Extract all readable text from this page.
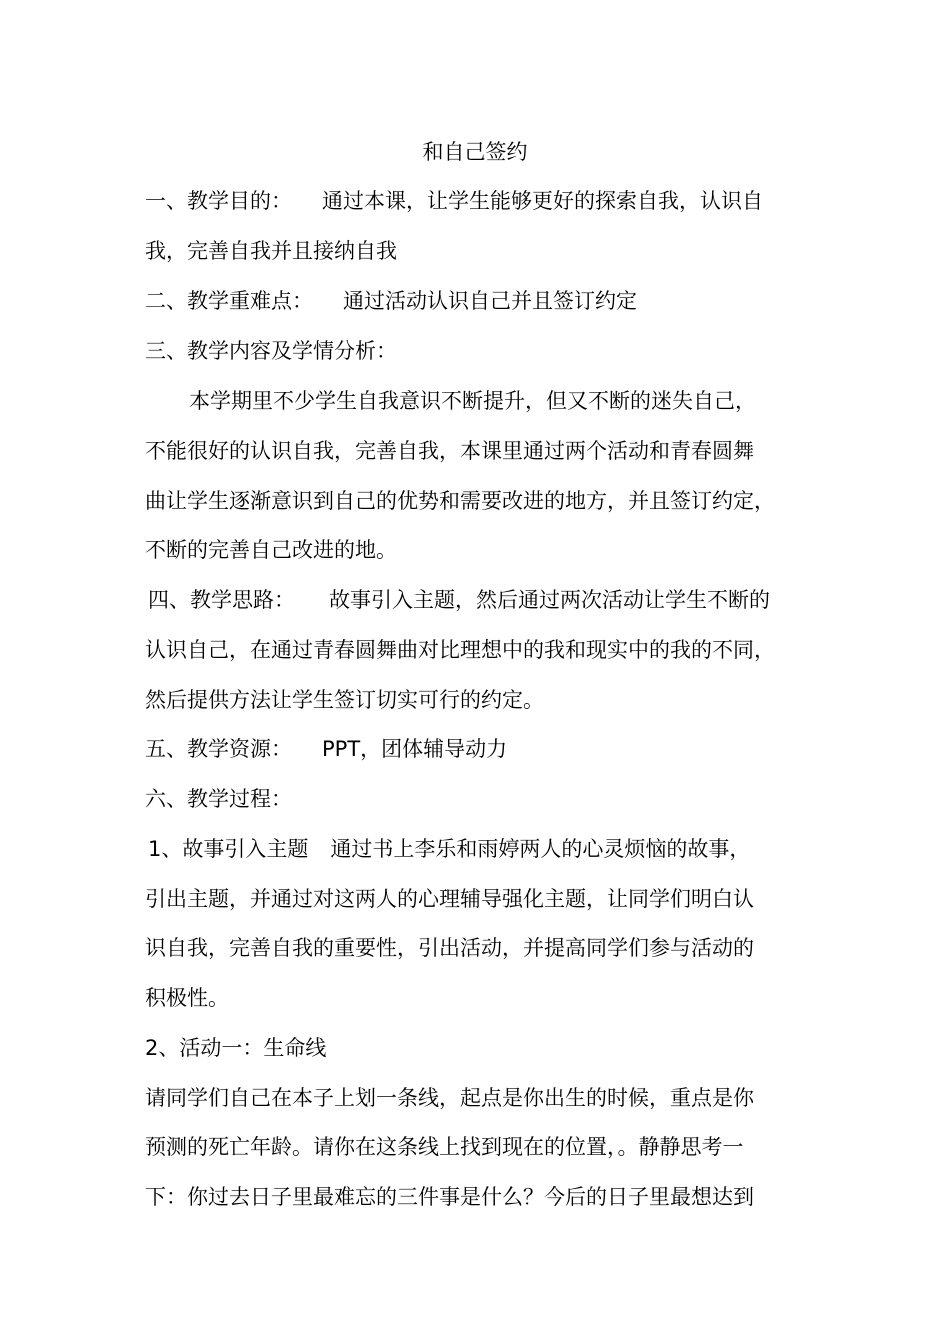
和自己签约
一、教学目的： 通过本课，让学生能够更好的探索自我，认识自
我，完善自我并且接纳自我
二、教学重难点： 通过活动认识自己并且签订约定
三、教学内容及学情分析：
本学期里不少学生自我意识不断提升，但又不断的迷失自己，
不能很好的认识自我，完善自我，本课里通过两个活动和青春圆舞
曲让学生逐渐意识到自己的优势和需要改进的地方，并且签订约定，
不断的完善自己改进的地。
四、教学思路： 故事引入主题，然后通过两次活动让学生不断的
认识自己，在通过青春圆舞曲对比理想中的我和现实中的我的不同，
然后提供方法让学生签订切实可行的约定。
五、教学资源： PPT，团体辅导动力
六、教学过程：
1、故事引入主题 通过书上李乐和雨婷两人的心灵烦恼的故事，
引出主题，并通过对这两人的心理辅导强化主题，让同学们明白认
识自我，完善自我的重要性，引出活动，并提高同学们参与活动的
积极性。
2、活动一：生命线
请同学们自己在本子上划一条线，起点是你出生的时候，重点是你
预测的死亡年龄。请你在这条线上找到现在的位置，。静静思考一
下：你过去日子里最难忘的三件事是什么？今后的日子里最想达到
